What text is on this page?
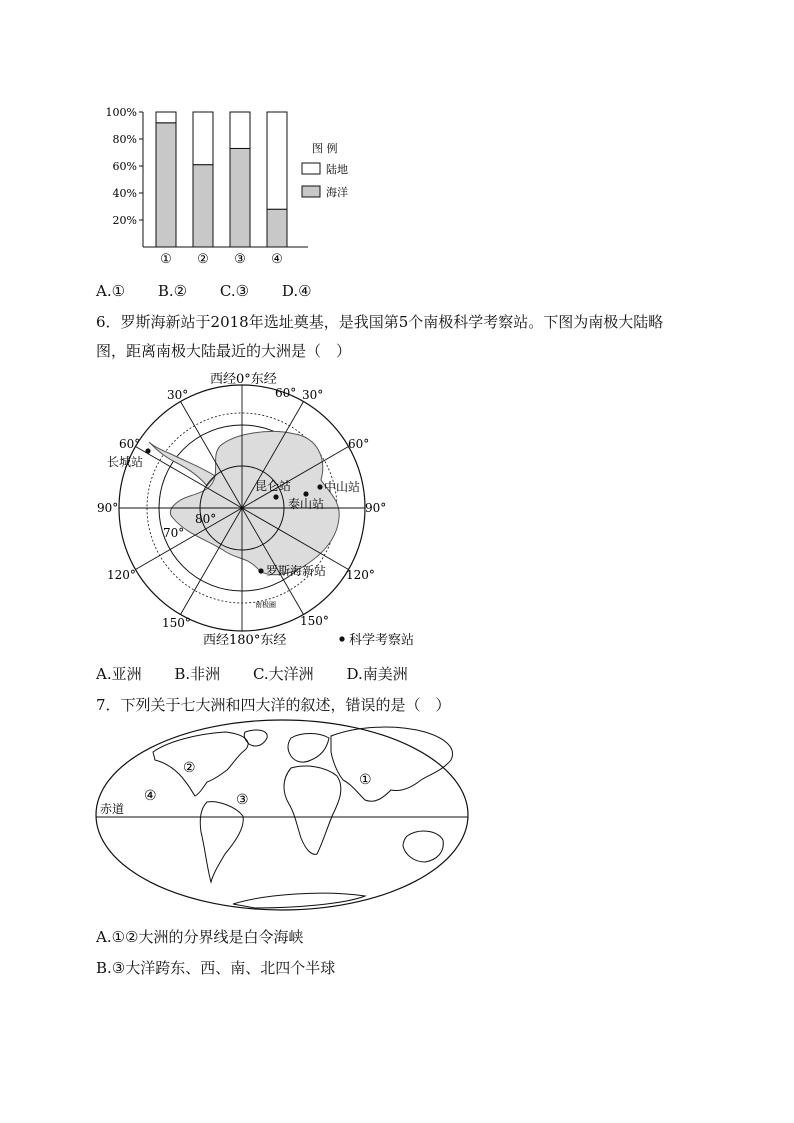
20%
40%
60%
80%
100%
① ② ③ ④
图 例
陆地
海洋
A.① B.② C.③ D.④
6．罗斯海新站于2018年选址奠基，是我国第5个南极科学考察站。下图为南极大陆略
图，距离南极大陆最近的大洲是（　）
西经0°东经
30°	60° 30°
60°	60°
90°	90°
120°	120°
150°	150°
80°
70°
西经180°东经
长城站
昆仑站	中山站
泰山站
罗斯海新站
南极圈
科学考察站
A.亚洲 B.非洲 C.大洋洲 D.南美洲
7．下列关于七大洲和四大洋的叙述，错误的是（　）
赤道
①
②
③
④
A.①②大洲的分界线是白令海峡
B.③大洋跨东、西、南、北四个半球
